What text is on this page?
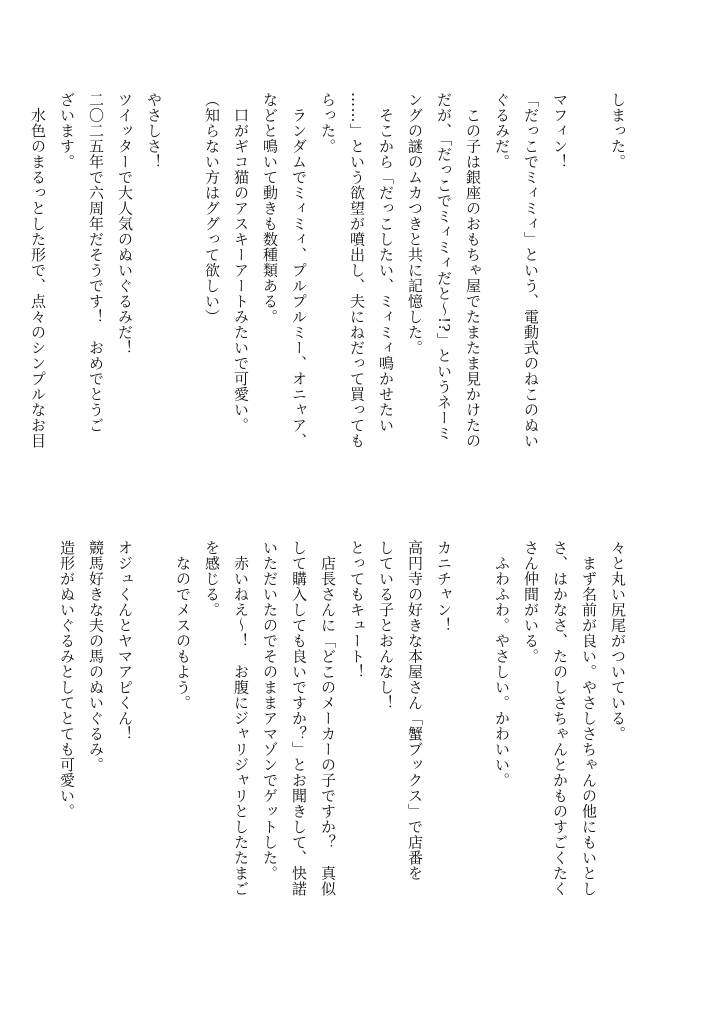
しまった。

マフィン！
「だっこでミィミィ」という、電動式のねこのぬい
ぐるみだ。
　この子は銀座のおもちゃ屋でたまたま見かけたの
だが、「だっこでミィミィだと〜!?」というネーミ
ングの謎のムカつきと共に記憶した。
　そこから「だっこしたい、ミィミィ鳴かせたい
……」という欲望が噴出し、夫にねだって買っても
らった。
　ランダムでミィミィ、プルプルミー、オニャア、
などと鳴いて動きも数種類ある。
　口がギコ猫のアスキーアートみたいで可愛い。
（知らない方はググって欲しい）

やさしさ！
ツイッターで大人気のぬいぐるみだ！
二〇二五年で六周年だそうです！　おめでとうご
ざいます。
　水色のまるっとした形で、点々のシンプルなお目
々と丸い尻尾がついている。
　まず名前が良い。やさしさちゃんの他にもいとし
さ、はかなさ、たのしさちゃんとかものすごくたく
さん仲間がいる。
　ふわふわ。やさしい。かわいい。

カニチャン！
高円寺の好きな本屋さん「蟹ブックス」で店番を
している子とおんなし！
とってもキュート！
　店長さんに「どこのメーカーの子ですか？　真似
して購入しても良いですか？」とお聞きして、快諾
いただいたのでそのままアマゾンでゲットした。
　赤いねえ〜！　お腹にジャリジャリとしたたまご
を感じる。
　なのでメスのもよう。

オジュくんとヤマアピくん！
競馬好きな夫の馬のぬいぐるみ。
造形がぬいぐるみとしてとても可愛い。
